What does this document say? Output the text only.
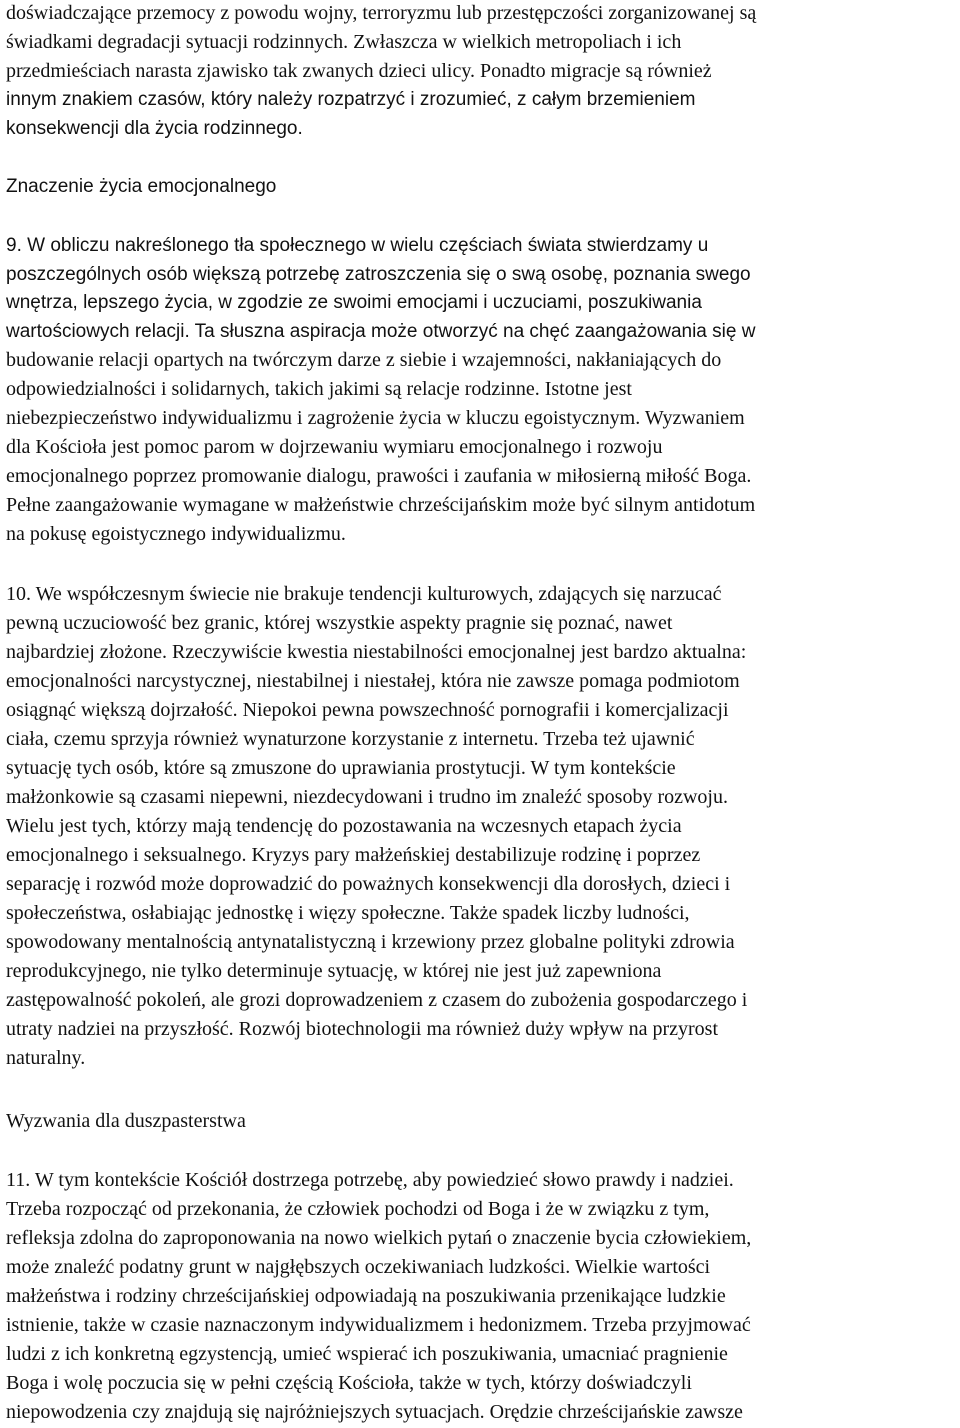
doświadczające przemocy z powodu wojny, terroryzmu lub przestępczości zorganizowanej są

świadkami degradacji sytuacji rodzinnych. Zwłaszcza w wielkich metropoliach i ich

przedmieściach narasta zjawisko tak zwanych dzieci ulicy. Ponadto migracje są również

innym znakiem czasów, który należy rozpatrzyć i zrozumieć, z całym brzemieniem

konsekwencji dla życia rodzinnego.

Znaczenie życia emocjonalnego

9. W obliczu nakreślonego tła społecznego w wielu częściach świata stwierdzamy u

poszczególnych osób większą potrzebę zatroszczenia się o swą osobę, poznania swego

wnętrza, lepszego życia, w zgodzie ze swoimi emocjami i uczuciami, poszukiwania

wartościowych relacji. Ta słuszna aspiracja może otworzyć na chęć zaangażowania się w

budowanie relacji opartych na twórczym darze z siebie i wzajemności, nakłaniających do

odpowiedzialności i solidarnych, takich jakimi są relacje rodzinne. Istotne jest

niebezpieczeństwo indywidualizmu i zagrożenie życia w kluczu egoistycznym. Wyzwaniem

dla Kościoła jest pomoc parom w dojrzewaniu wymiaru emocjonalnego i rozwoju

emocjonalnego poprzez promowanie dialogu, prawości i zaufania w miłosierną miłość Boga.

Pełne zaangażowanie wymagane w małżeństwie chrześcijańskim może być silnym antidotum

na pokusę egoistycznego indywidualizmu.

10. We współczesnym świecie nie brakuje tendencji kulturowych, zdających się narzucać

pewną uczuciowość bez granic, której wszystkie aspekty pragnie się poznać, nawet

najbardziej złożone. Rzeczywiście kwestia niestabilności emocjonalnej jest bardzo aktualna:

emocjonalności narcystycznej, niestabilnej i niestałej, która nie zawsze pomaga podmiotom

osiągnąć większą dojrzałość. Niepokoi pewna powszechność pornografii i komercjalizacji

ciała, czemu sprzyja również wynaturzone korzystanie z internetu. Trzeba też ujawnić

sytuację tych osób, które są zmuszone do uprawiania prostytucji. W tym kontekście

małżonkowie są czasami niepewni, niezdecydowani i trudno im znaleźć sposoby rozwoju.

Wielu jest tych, którzy mają tendencję do pozostawania na wczesnych etapach życia

emocjonalnego i seksualnego. Kryzys pary małżeńskiej destabilizuje rodzinę i poprzez

separację i rozwód może doprowadzić do poważnych konsekwencji dla dorosłych, dzieci i

społeczeństwa, osłabiając jednostkę i więzy społeczne. Także spadek liczby ludności,

spowodowany mentalnością antynatalistyczną i krzewiony przez globalne polityki zdrowia

reprodukcyjnego, nie tylko determinuje sytuację, w której nie jest już zapewniona

zastępowalność pokoleń, ale grozi doprowadzeniem z czasem do zubożenia gospodarczego i

utraty nadziei na przyszłość. Rozwój biotechnologii ma również duży wpływ na przyrost

naturalny.

Wyzwania dla duszpasterstwa

11. W tym kontekście Kościół dostrzega potrzebę, aby powiedzieć słowo prawdy i nadziei.

Trzeba rozpocząć od przekonania, że człowiek pochodzi od Boga i że w związku z tym,

refleksja zdolna do zaproponowania na nowo wielkich pytań o znaczenie bycia człowiekiem,

może znaleźć podatny grunt w najgłębszych oczekiwaniach ludzkości. Wielkie wartości

małżeństwa i rodziny chrześcijańskiej odpowiadają na poszukiwania przenikające ludzkie

istnienie, także w czasie naznaczonym indywidualizmem i hedonizmem. Trzeba przyjmować

ludzi z ich konkretną egzystencją, umieć wspierać ich poszukiwania, umacniać pragnienie

Boga i wolę poczucia się w pełni częścią Kościoła, także w tych, którzy doświadczyli

niepowodzenia czy znajdują się najróżniejszych sytuacjach. Orędzie chrześcijańskie zawsze
